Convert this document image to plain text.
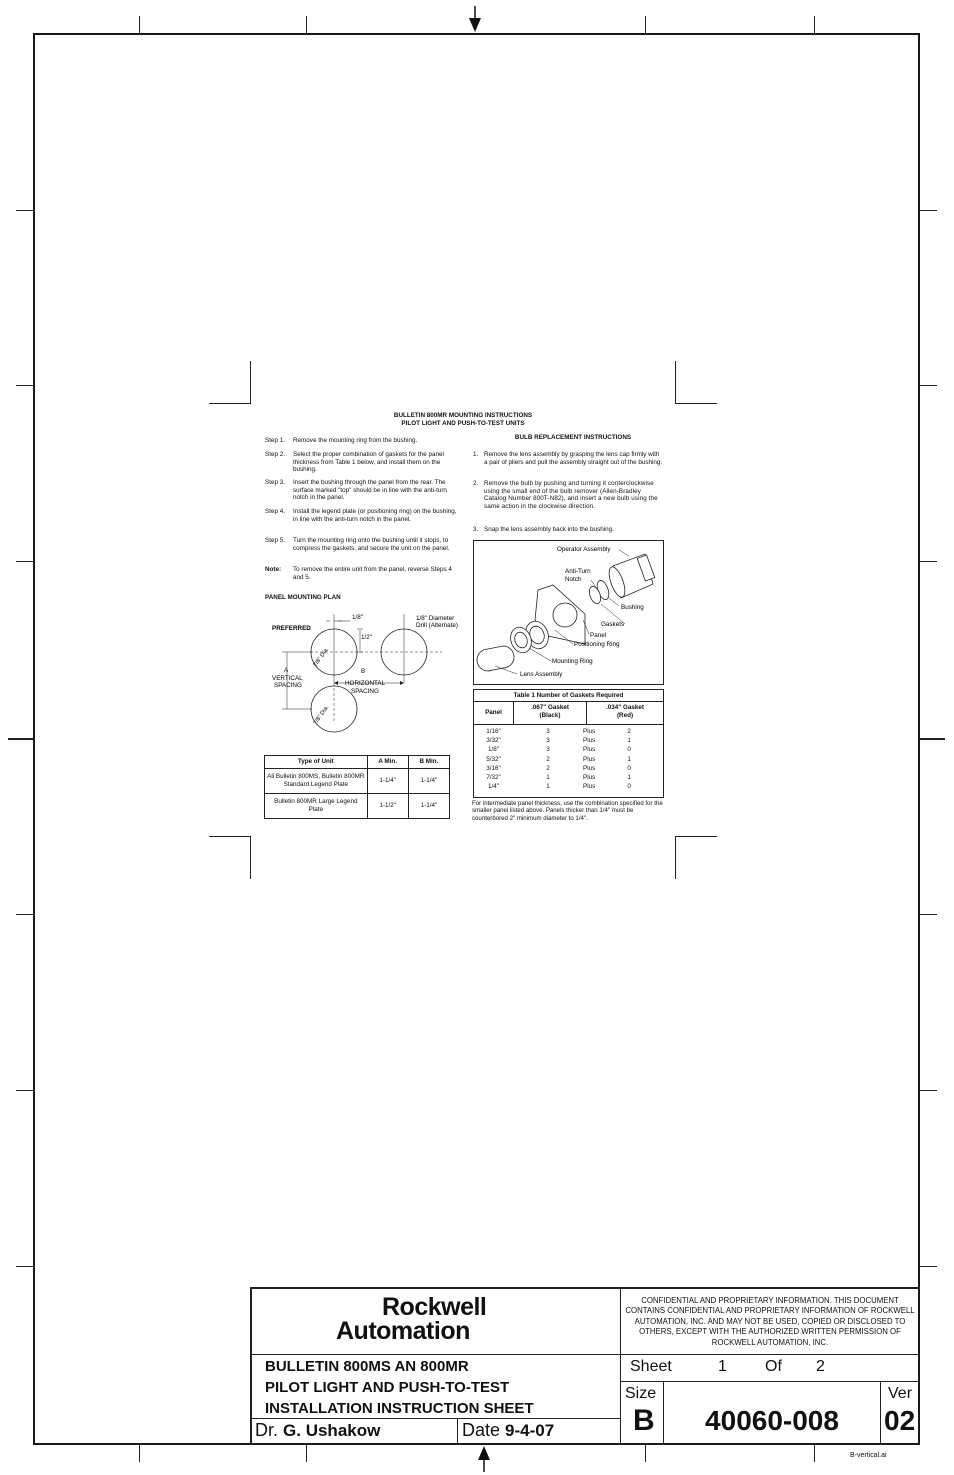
BULLETIN 800MR MOUNTING INSTRUCTIONS
PILOT LIGHT AND PUSH-TO-TEST UNITS
Step 1. Remove the mounting ring from the bushing.
Step 2. Select the proper combination of gaskets for the panel thickness from Table 1 below, and install them on the bushing.
Step 3. Insert the bushing through the panel from the rear. The surface marked "top" should be in line with the anti-turn notch in the panel.
Step 4. Install the legend plate (or positioning ring) on the bushing, in line with the anti-turn notch in the panel.
Step 5. Turn the mounting ring onto the bushing until it stops, to compress the gaskets, and secure the unit on the panel.
Note: To remove the entire unit from the panel, reverse Steps 4 and 5.
PANEL MOUNTING PLAN
1/8"	1/8" Diameter
Drill (Alternate)
PREFERRED
1/2"
7/8" Dia.
7/8" Dia.
A
VERTICAL
SPACING
B
HORIZONTAL
SPACING
Type of Unit	A Min.	B Min.
All Bulletin 800MS, Bulletin 800MR Standard Legend Plate	1-1/4"	1-1/4"
Bulletin 800MR Large Legend Plate	1-1/2"	1-1/4"
BULB REPLACEMENT INSTRUCTIONS
1. Remove the lens assembly by grasping the lens cap firmly with a pair of pliers and pull the assembly straight out of the bushing.
2. Remove the bulb by pushing and turning it conterclockwise using the small end of the bulb remover (Allen-Bradley Catalog Number 800T-N82), and insert a new bulb using the same action in the clockwise direction.
3. Snap the lens assembly back into the bushing.
Operator Assembly
Anti-Turn
Notch
Bushing
Gaskets
Panel
Positioning Ring
Mounting Ring
Lens Assembly
Table 1 Number of Gaskets Required
Panel
.067" Gasket
(Black)
.034" Gasket
(Red)
1/16"	3	Plus	2
3/32"	3	Plus	1
1/8"	3	Plus	0
5/32"	2	Plus	1
3/16"	2	Plus	0
7/32"	1	Plus	1
1/4"	1	Plus	0
For intermediate panel thickness, use the combination specified for the smaller panel listed above. Panels thicker than 1/4" must be counterbored 2" minimum diameter to 1/4".
Rockwell
Automation
CONFIDENTIAL AND PROPRIETARY INFORMATION. THIS DOCUMENT CONTAINS CONFIDENTIAL AND PROPRIETARY INFORMATION OF ROCKWELL AUTOMATION, INC. AND MAY NOT BE USED, COPIED OR DISCLOSED TO OTHERS, EXCEPT WITH THE AUTHORIZED WRITTEN PERMISSION OF ROCKWELL AUTOMATION, INC.
BULLETIN 800MS AN 800MR
PILOT LIGHT AND PUSH-TO-TEST
INSTALLATION INSTRUCTION SHEET
Dr. G. Ushakow	Date 9-4-07
Sheet	1 Of 2
Size
B	40060-008
Ver
02
B-vertical.ai
